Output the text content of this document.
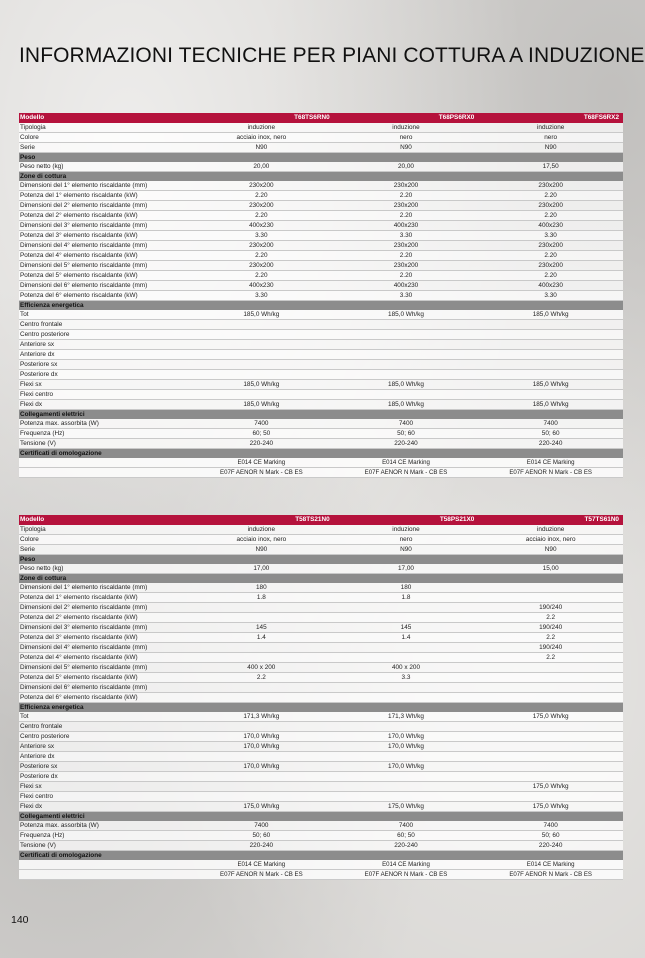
INFORMAZIONI TECNICHE PER PIANI COTTURA A INDUZIONE
Modello	T68TS6RN0	T68PS6RX0	T68FS6RX2
Tipologia	induzione	induzione	induzione
Colore	acciaio inox, nero	nero	nero
Serie	N90	N90	N90
Peso			
Peso netto (kg)	20,00	20,00	17,50
Zone di cottura			
Dimensioni del 1° elemento riscaldante (mm)	230x200	230x200	230x200
Potenza del 1° elemento riscaldante (kW)	2.20	2.20	2.20
Dimensioni del 2° elemento riscaldante (mm)	230x200	230x200	230x200
Potenza del 2° elemento riscaldante (kW)	2.20	2.20	2.20
Dimensioni del 3° elemento riscaldante (mm)	400x230	400x230	400x230
Potenza del 3° elemento riscaldante (kW)	3.30	3.30	3.30
Dimensioni del 4° elemento riscaldante (mm)	230x200	230x200	230x200
Potenza del 4° elemento riscaldante (kW)	2.20	2.20	2.20
Dimensioni del 5° elemento riscaldante (mm)	230x200	230x200	230x200
Potenza del 5° elemento riscaldante (kW)	2.20	2.20	2.20
Dimensioni del 6° elemento riscaldante (mm)	400x230	400x230	400x230
Potenza del 6° elemento riscaldante (kW)	3.30	3.30	3.30
Efficienza energetica			
Tot	185,0 Wh/kg	185,0 Wh/kg	185,0 Wh/kg
Centro frontale			
Centro posteriore			
Anteriore sx			
Anteriore dx			
Posteriore sx			
Posteriore dx			
Flexi sx	185,0 Wh/kg	185,0 Wh/kg	185,0 Wh/kg
Flexi centro			
Flexi dx	185,0 Wh/kg	185,0 Wh/kg	185,0 Wh/kg
Collegamenti elettrici			
Potenza max. assorbita (W)	7400	7400	7400
Frequenza (Hz)	60; 50	50; 60	50; 60
Tensione (V)	220-240	220-240	220-240
Certificati di omologazione			
	E014 CE Marking	E014 CE Marking	E014 CE Marking
	E07F AENOR N Mark - CB ES	E07F AENOR N Mark - CB ES	E07F AENOR N Mark - CB ES
Modello	T58TS21N0	T58PS21X0	T57TS61N0
Tipologia	induzione	induzione	induzione
Colore	acciaio inox, nero	nero	acciaio inox, nero
Serie	N90	N90	N90
Peso			
Peso netto (kg)	17,00	17,00	15,00
Zone di cottura			
Dimensioni del 1° elemento riscaldante (mm)	180	180	
Potenza del 1° elemento riscaldante (kW)	1.8	1.8	
Dimensioni del 2° elemento riscaldante (mm)			190/240
Potenza del 2° elemento riscaldante (kW)			2.2
Dimensioni del 3° elemento riscaldante (mm)	145	145	190/240
Potenza del 3° elemento riscaldante (kW)	1.4	1.4	2.2
Dimensioni del 4° elemento riscaldante (mm)			190/240
Potenza del 4° elemento riscaldante (kW)			2.2
Dimensioni del 5° elemento riscaldante (mm)	400 x 200	400 x 200	
Potenza del 5° elemento riscaldante (kW)	2.2	3.3	
Dimensioni del 6° elemento riscaldante (mm)			
Potenza del 6° elemento riscaldante (kW)			
Efficienza energetica			
Tot	171,3 Wh/kg	171,3 Wh/kg	175,0 Wh/kg
Centro frontale			
Centro posteriore	170,0 Wh/kg	170,0 Wh/kg	
Anteriore sx	170,0 Wh/kg	170,0 Wh/kg	
Anteriore dx			
Posteriore sx	170,0 Wh/kg	170,0 Wh/kg	
Posteriore dx			
Flexi sx			175,0 Wh/kg
Flexi centro			
Flexi dx	175,0 Wh/kg	175,0 Wh/kg	175,0 Wh/kg
Collegamenti elettrici			
Potenza max. assorbita (W)	7400	7400	7400
Frequenza (Hz)	50; 60	60; 50	50; 60
Tensione (V)	220-240	220-240	220-240
Certificati di omologazione			
	E014 CE Marking	E014 CE Marking	E014 CE Marking
	E07F AENOR N Mark - CB ES	E07F AENOR N Mark - CB ES	E07F AENOR N Mark - CB ES
140
